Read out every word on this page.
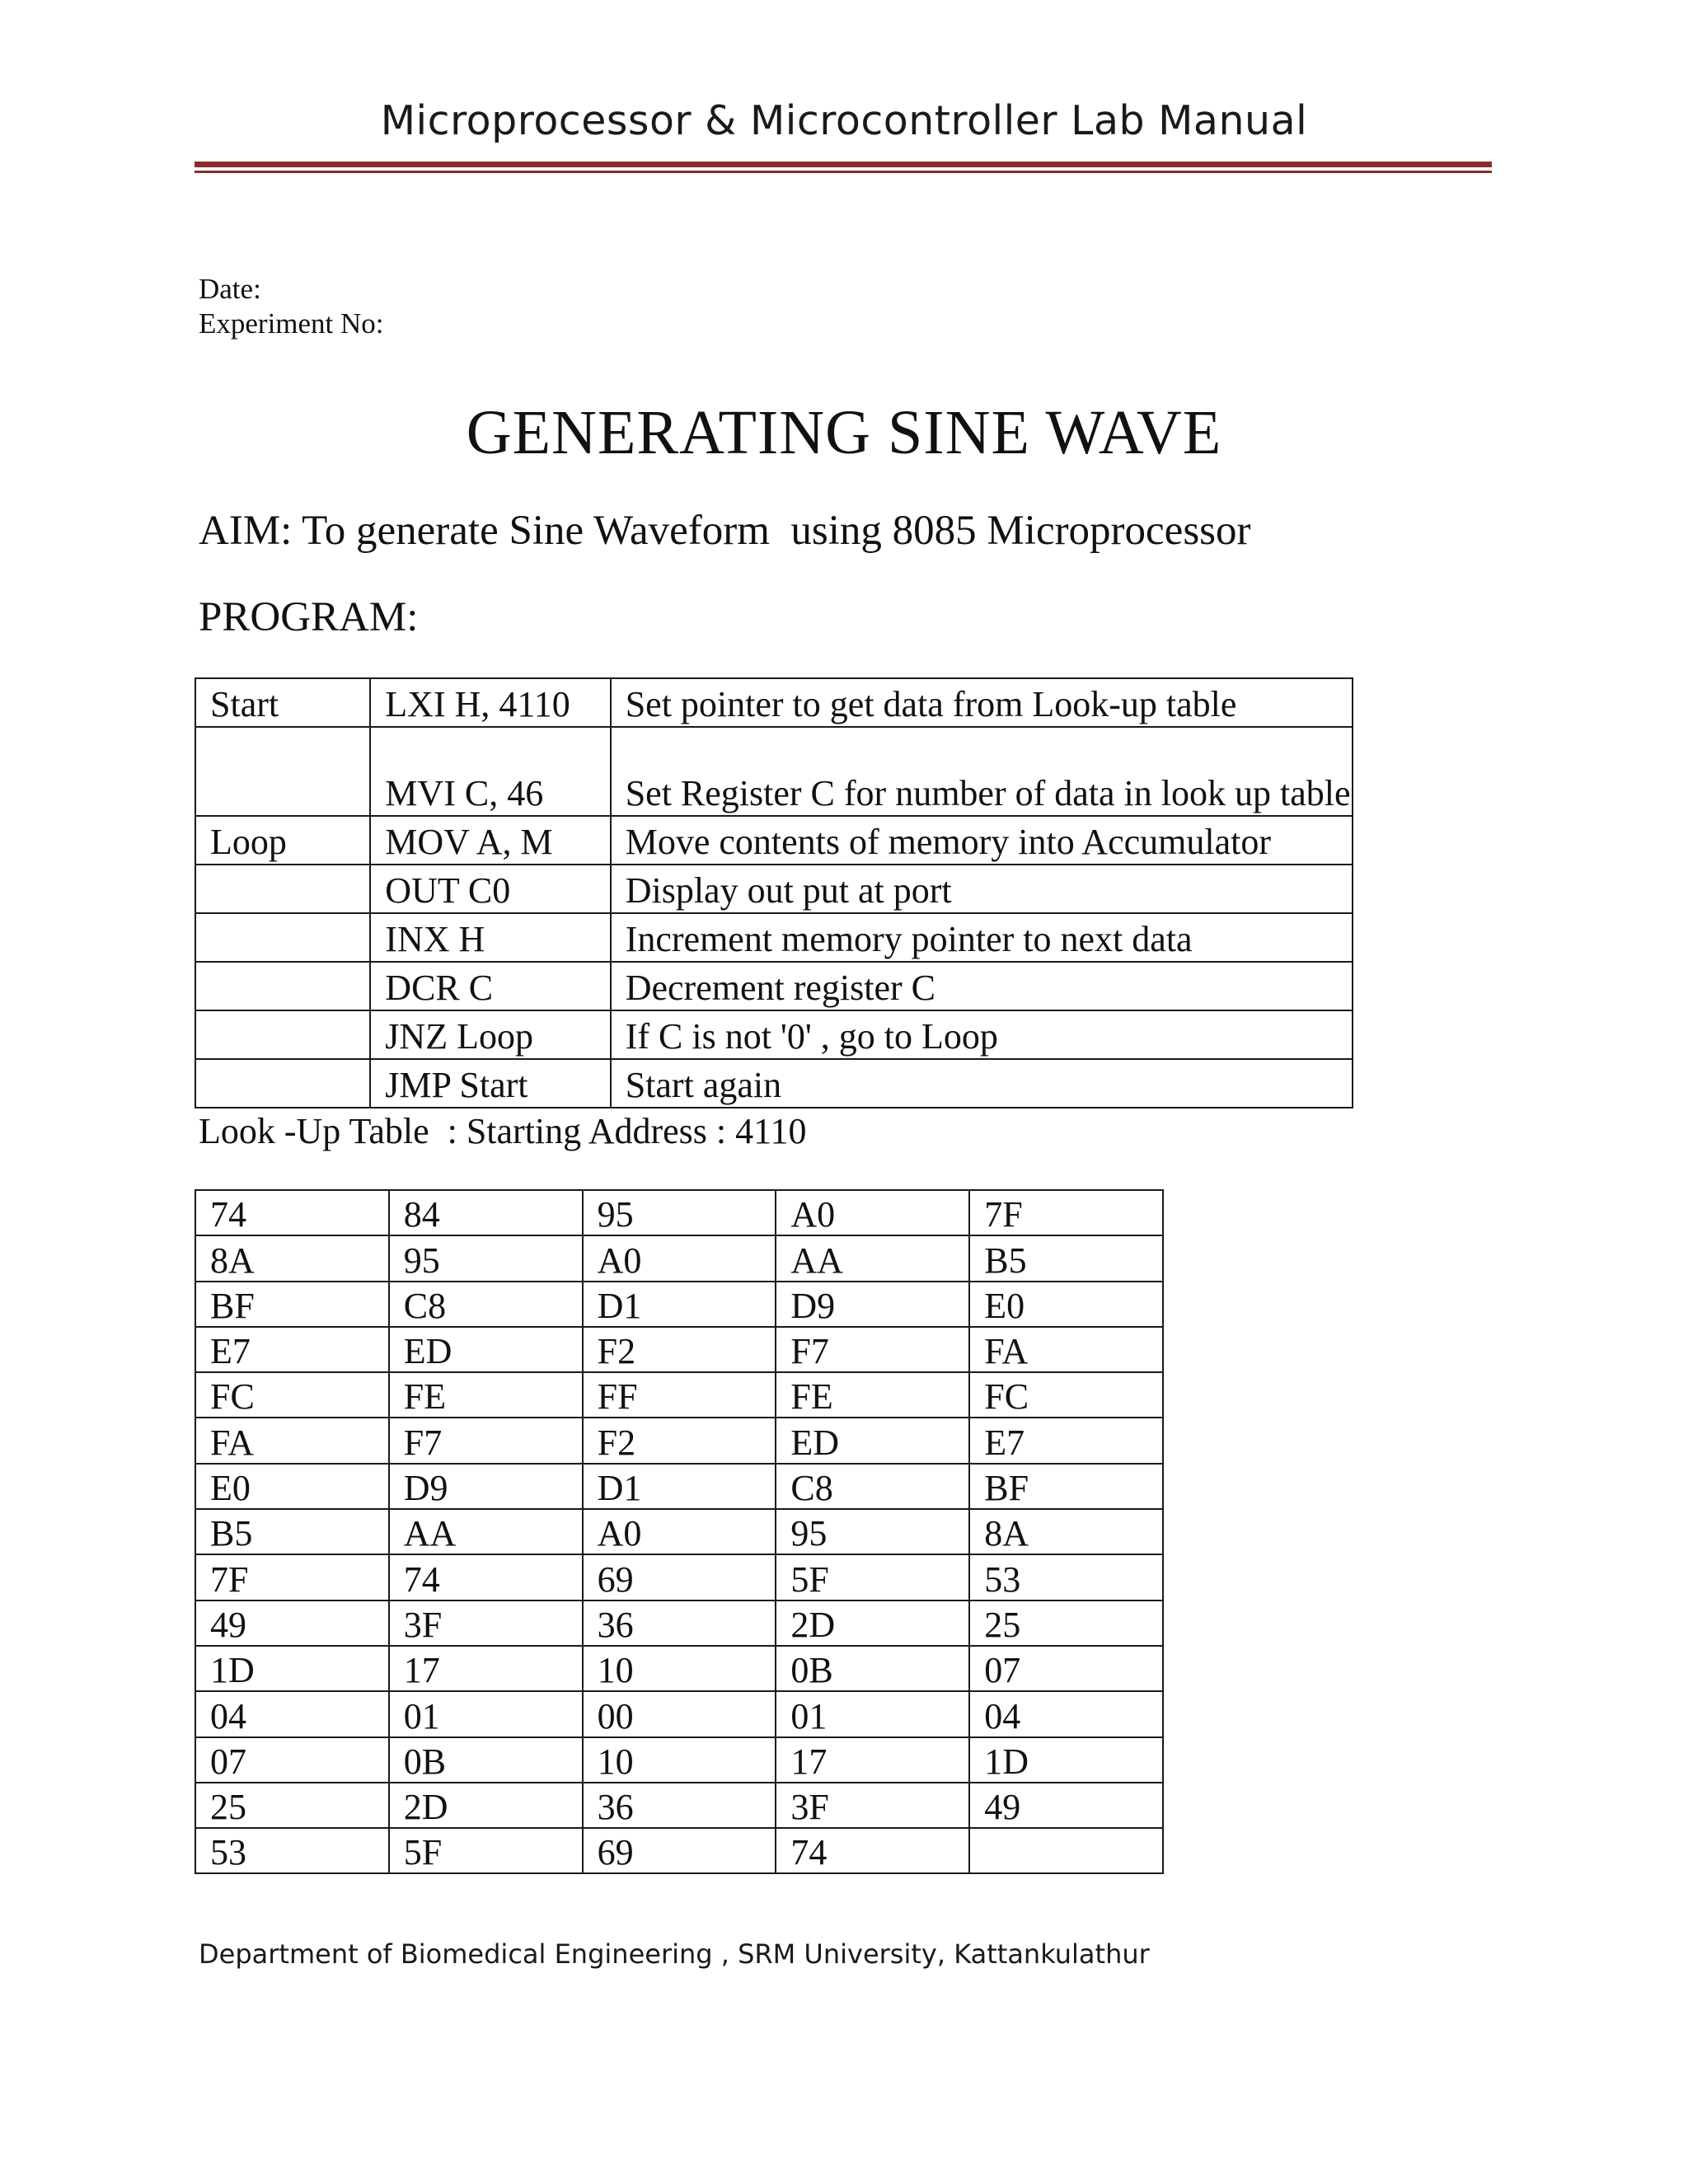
Microprocessor & Microcontroller Lab Manual
Date:
Experiment No:
GENERATING SINE WAVE
AIM: To generate Sine Waveform  using 8085 Microprocessor
PROGRAM:
Start	LXI H, 4110	Set pointer to get data from Look-up table
	MVI C, 46	Set Register C for number of data in look up table
Loop	MOV A, M	Move contents of memory into Accumulator
	OUT C0	Display out put at port
	INX H	Increment memory pointer to next data
	DCR C	Decrement register C
	JNZ Loop	If C is not '0' , go to Loop
	JMP Start	Start again
Look -Up Table  : Starting Address : 4110
74	84	95	A0	7F
8A	95	A0	AA	B5
BF	C8	D1	D9	E0
E7	ED	F2	F7	FA
FC	FE	FF	FE	FC
FA	F7	F2	ED	E7
E0	D9	D1	C8	BF
B5	AA	A0	95	8A
7F	74	69	5F	53
49	3F	36	2D	25
1D	17	10	0B	07
04	01	00	01	04
07	0B	10	17	1D
25	2D	36	3F	49
53	5F	69	74	
Department of Biomedical Engineering , SRM University, Kattankulathur
